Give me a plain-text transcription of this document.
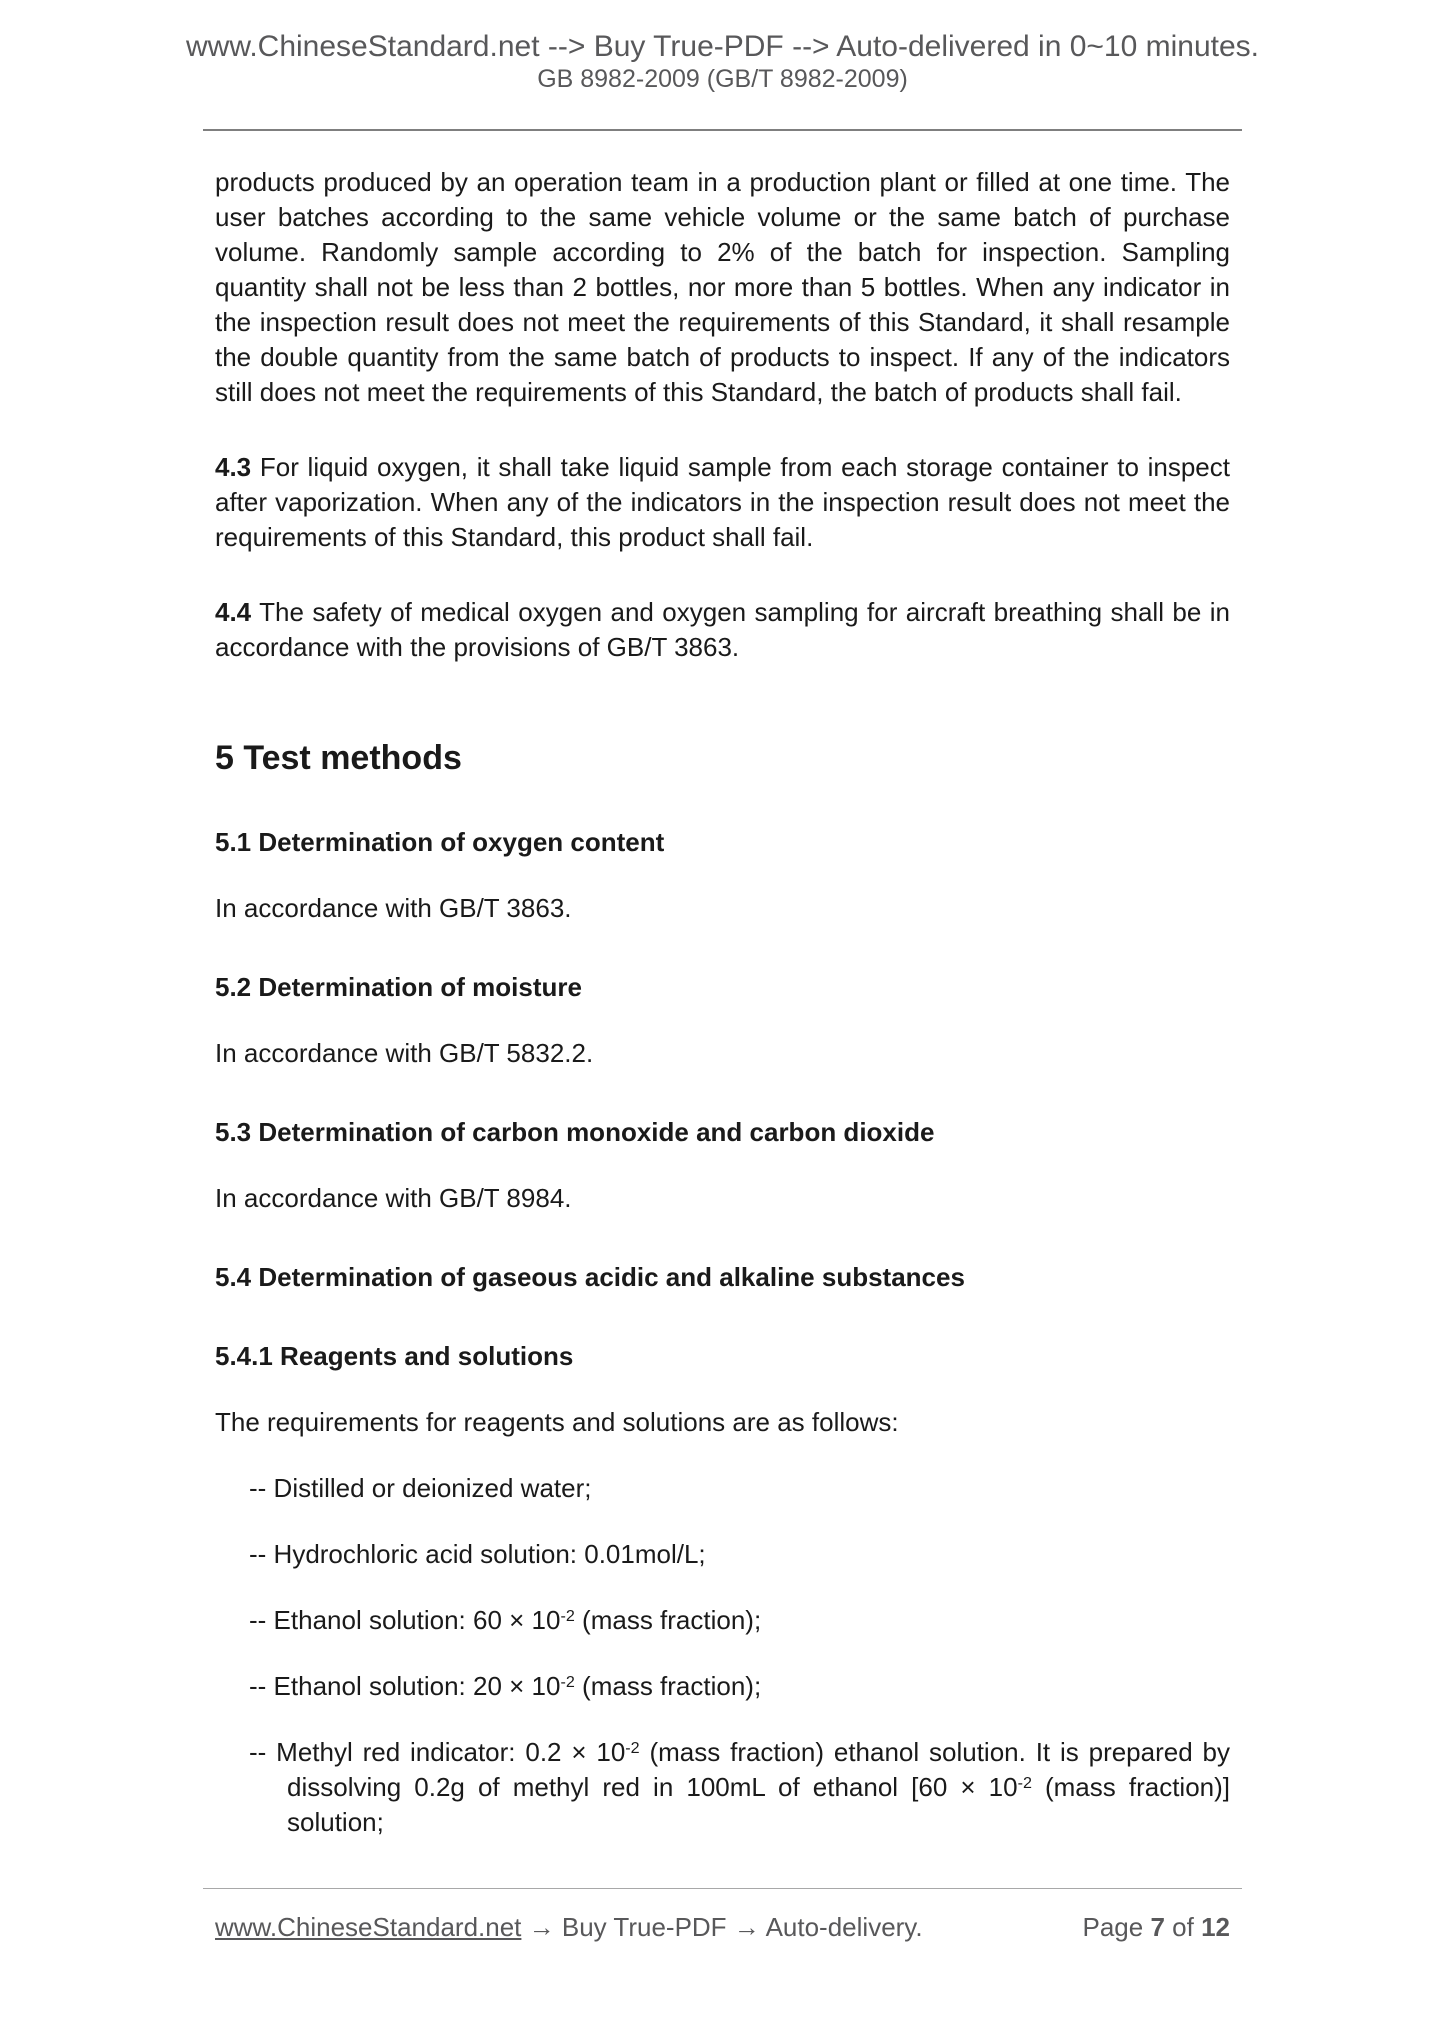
www.ChineseStandard.net --> Buy True-PDF --> Auto-delivered in 0~10 minutes.
GB 8982-2009 (GB/T 8982-2009)

products produced by an operation team in a production plant or filled at one time. The user batches according to the same vehicle volume or the same batch of purchase volume. Randomly sample according to 2% of the batch for inspection. Sampling quantity shall not be less than 2 bottles, nor more than 5 bottles. When any indicator in the inspection result does not meet the requirements of this Standard, it shall resample the double quantity from the same batch of products to inspect. If any of the indicators still does not meet the requirements of this Standard, the batch of products shall fail.

4.3 For liquid oxygen, it shall take liquid sample from each storage container to inspect after vaporization. When any of the indicators in the inspection result does not meet the requirements of this Standard, this product shall fail.

4.4 The safety of medical oxygen and oxygen sampling for aircraft breathing shall be in accordance with the provisions of GB/T 3863.

5 Test methods
5.1 Determination of oxygen content

In accordance with GB/T 3863.

5.2 Determination of moisture

In accordance with GB/T 5832.2.

5.3 Determination of carbon monoxide and carbon dioxide

In accordance with GB/T 8984.

5.4 Determination of gaseous acidic and alkaline substances
5.4.1 Reagents and solutions

The requirements for reagents and solutions are as follows:

-- Distilled or deionized water;
-- Hydrochloric acid solution: 0.01mol/L;
-- Ethanol solution: $60 \times 10^{-2}$ (mass fraction);
-- Ethanol solution: $20 \times 10^{-2}$ (mass fraction);
-- Methyl red indicator: $0.2 \times 10^{-2}$ (mass fraction) ethanol solution. It is prepared by dissolving 0.2g of methyl red in 100mL of ethanol [$60 \times 10^{-2}$ (mass fraction)] solution;
www.ChineseStandard.net → Buy True-PDF → Auto-delivery.	Page 7 of 12
